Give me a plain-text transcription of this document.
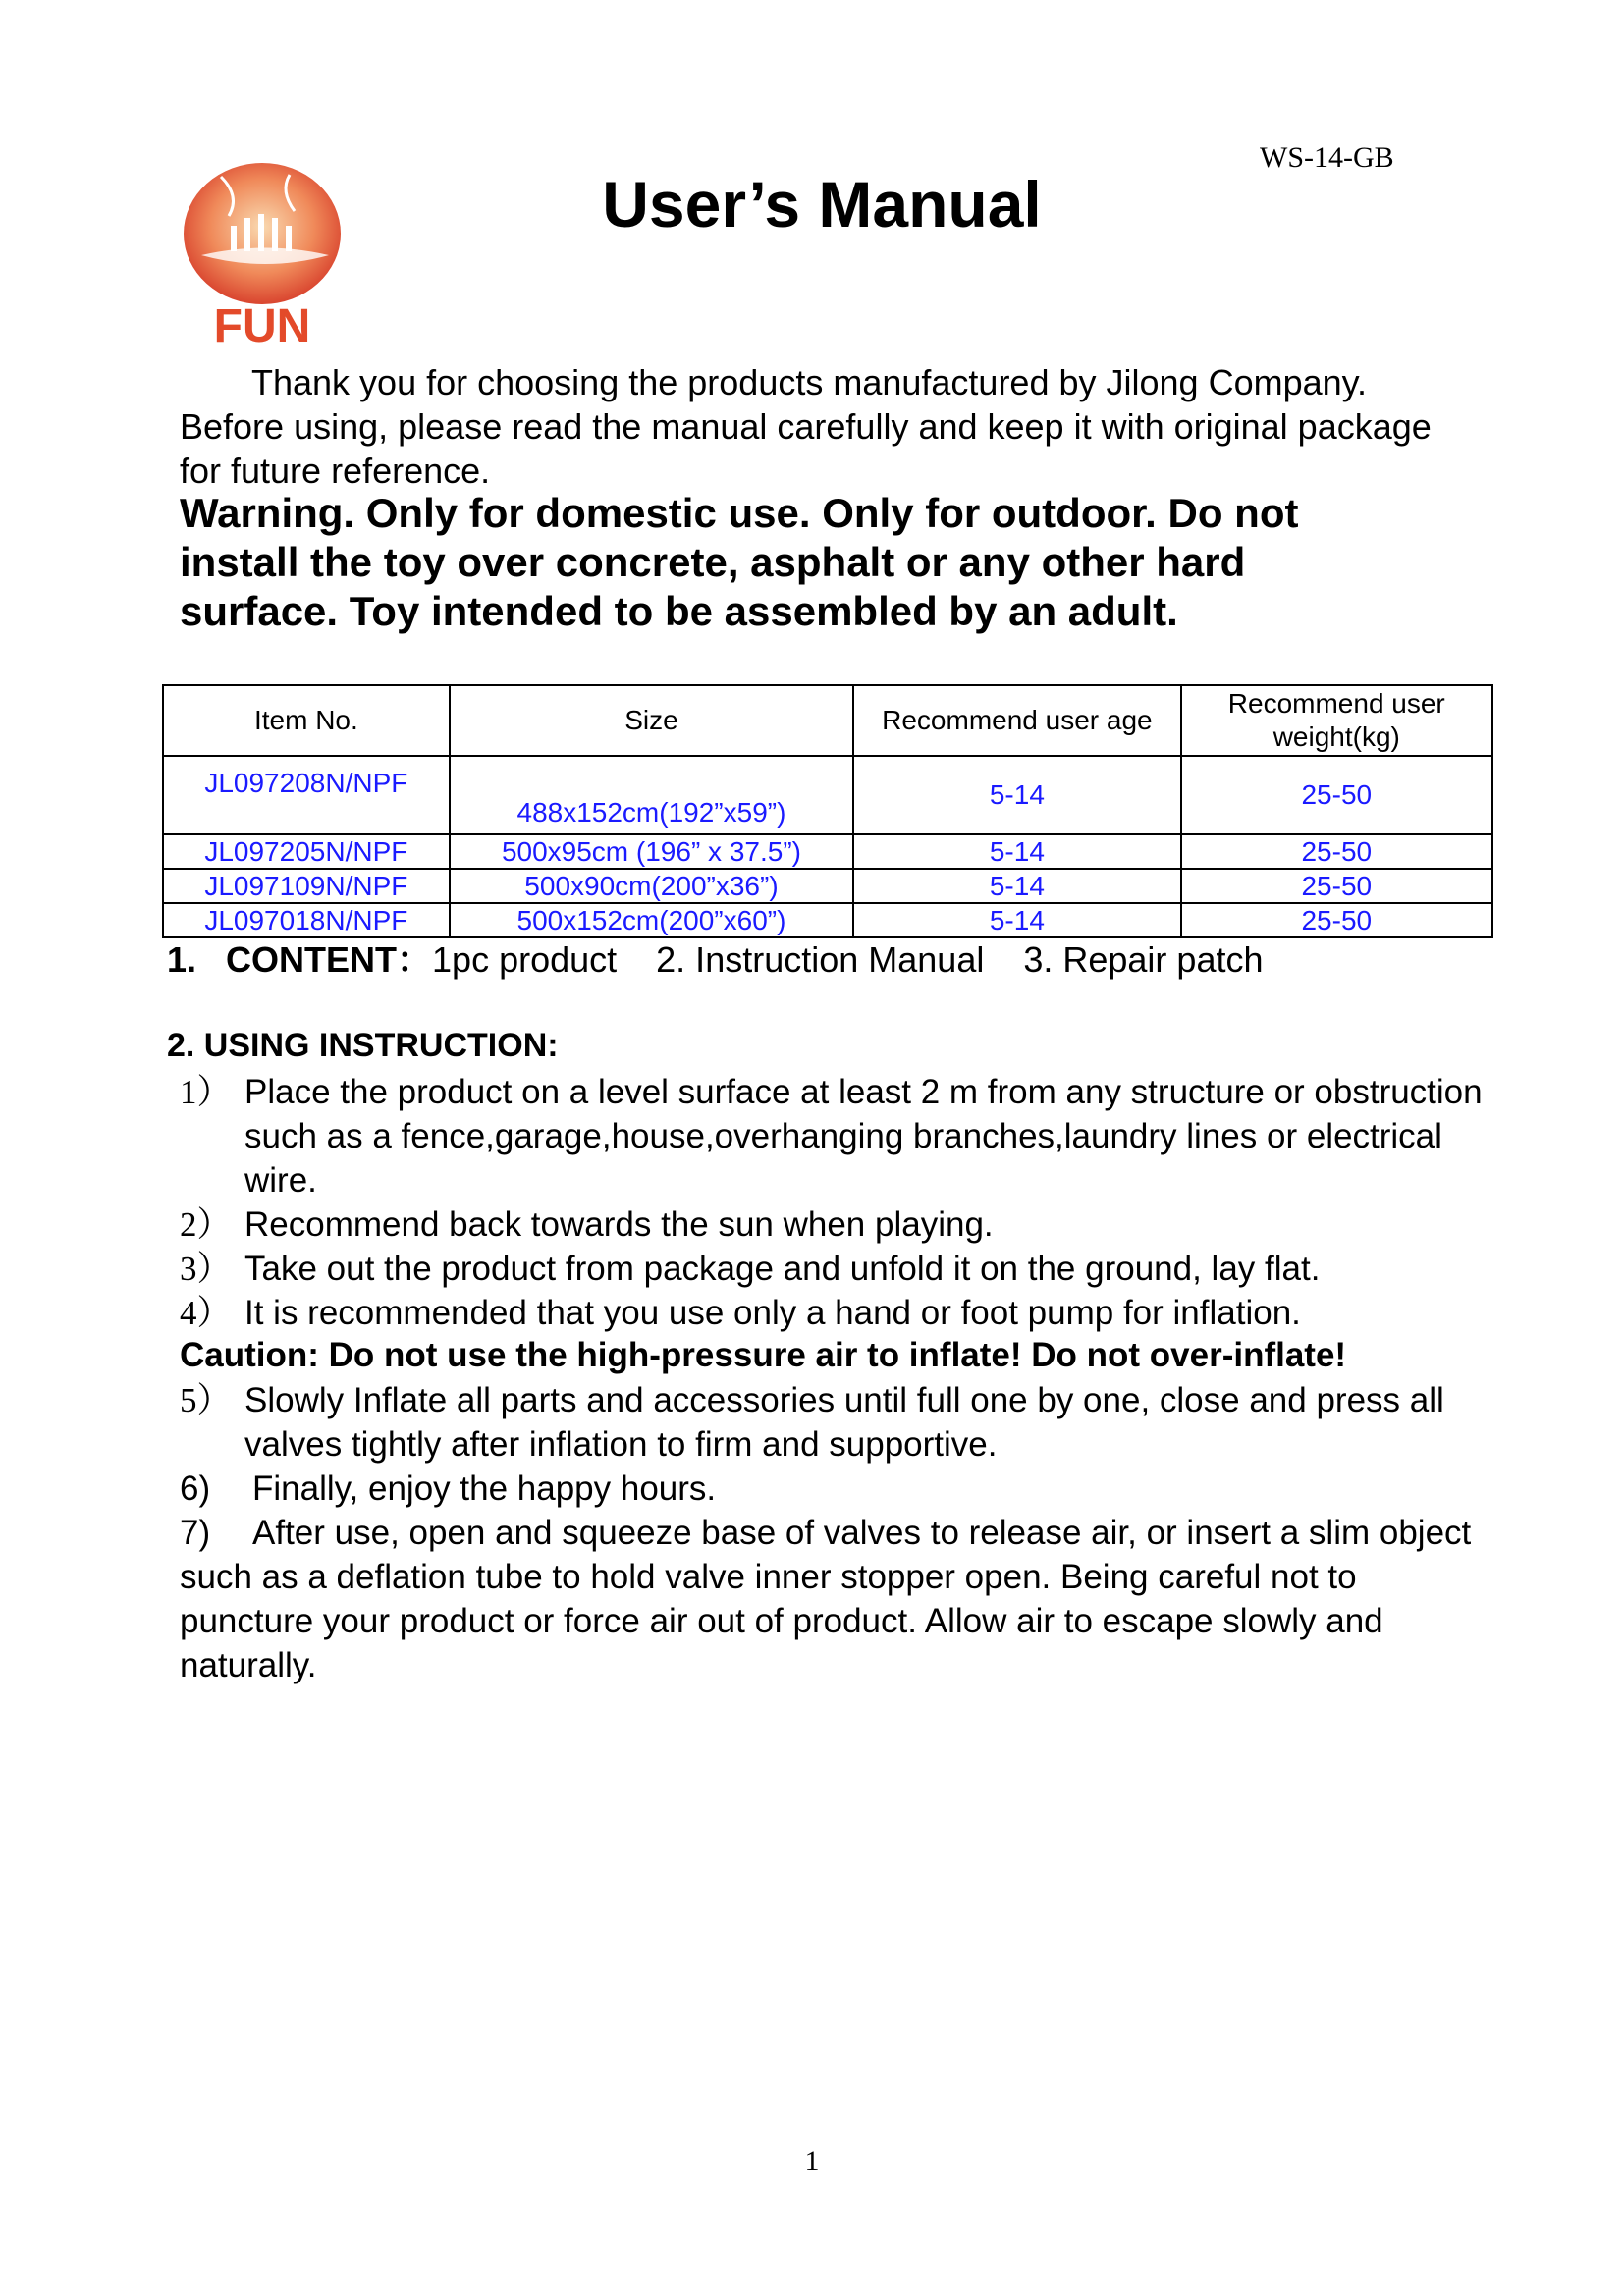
WS-14-GB
FUN
User’s Manual
Thank you for choosing the products manufactured by Jilong Company.
Before using, please read the manual carefully and keep it with original package
for future reference.
Warning. Only for domestic use. Only for outdoor. Do not
install the toy over concrete, asphalt or any other hard
surface. Toy intended to be assembled by an adult.
Item No.	Size	Recommend user age	Recommend user
weight(kg)

JL097208N/NPF	488x152cm(192”x59”)	5-14	25-50
JL097205N/NPF	500x95cm (196” x 37.5”)	5-14	25-50
JL097109N/NPF	500x90cm(200”x36”)	5-14	25-50
JL097018N/NPF	500x152cm(200”x60”)	5-14	25-50
1.   CONTENT：1pc product    2. Instruction Manual    3. Repair patch
2. USING INSTRUCTION:
1） Place the product on a level surface at least 2 m from any structure or obstruction such as a fence,garage,house,overhanging branches,laundry lines or electrical wire.
2） Recommend back towards the sun when playing.
3） Take out the product from package and unfold it on the ground, lay flat.
4） It is recommended that you use only a hand or foot pump for inflation.
Caution: Do not use the high-pressure air to inflate! Do not over-inflate!
5） Slowly Inflate all parts and accessories until full one by one, close and press all valves tightly after inflation to firm and supportive.
6)	Finally, enjoy the happy hours.
7)	After use, open and squeeze base of valves to release air, or insert a slim object such as a deflation tube to hold valve inner stopper open. Being careful not to puncture your product or force air out of product. Allow air to escape slowly and naturally.
1
